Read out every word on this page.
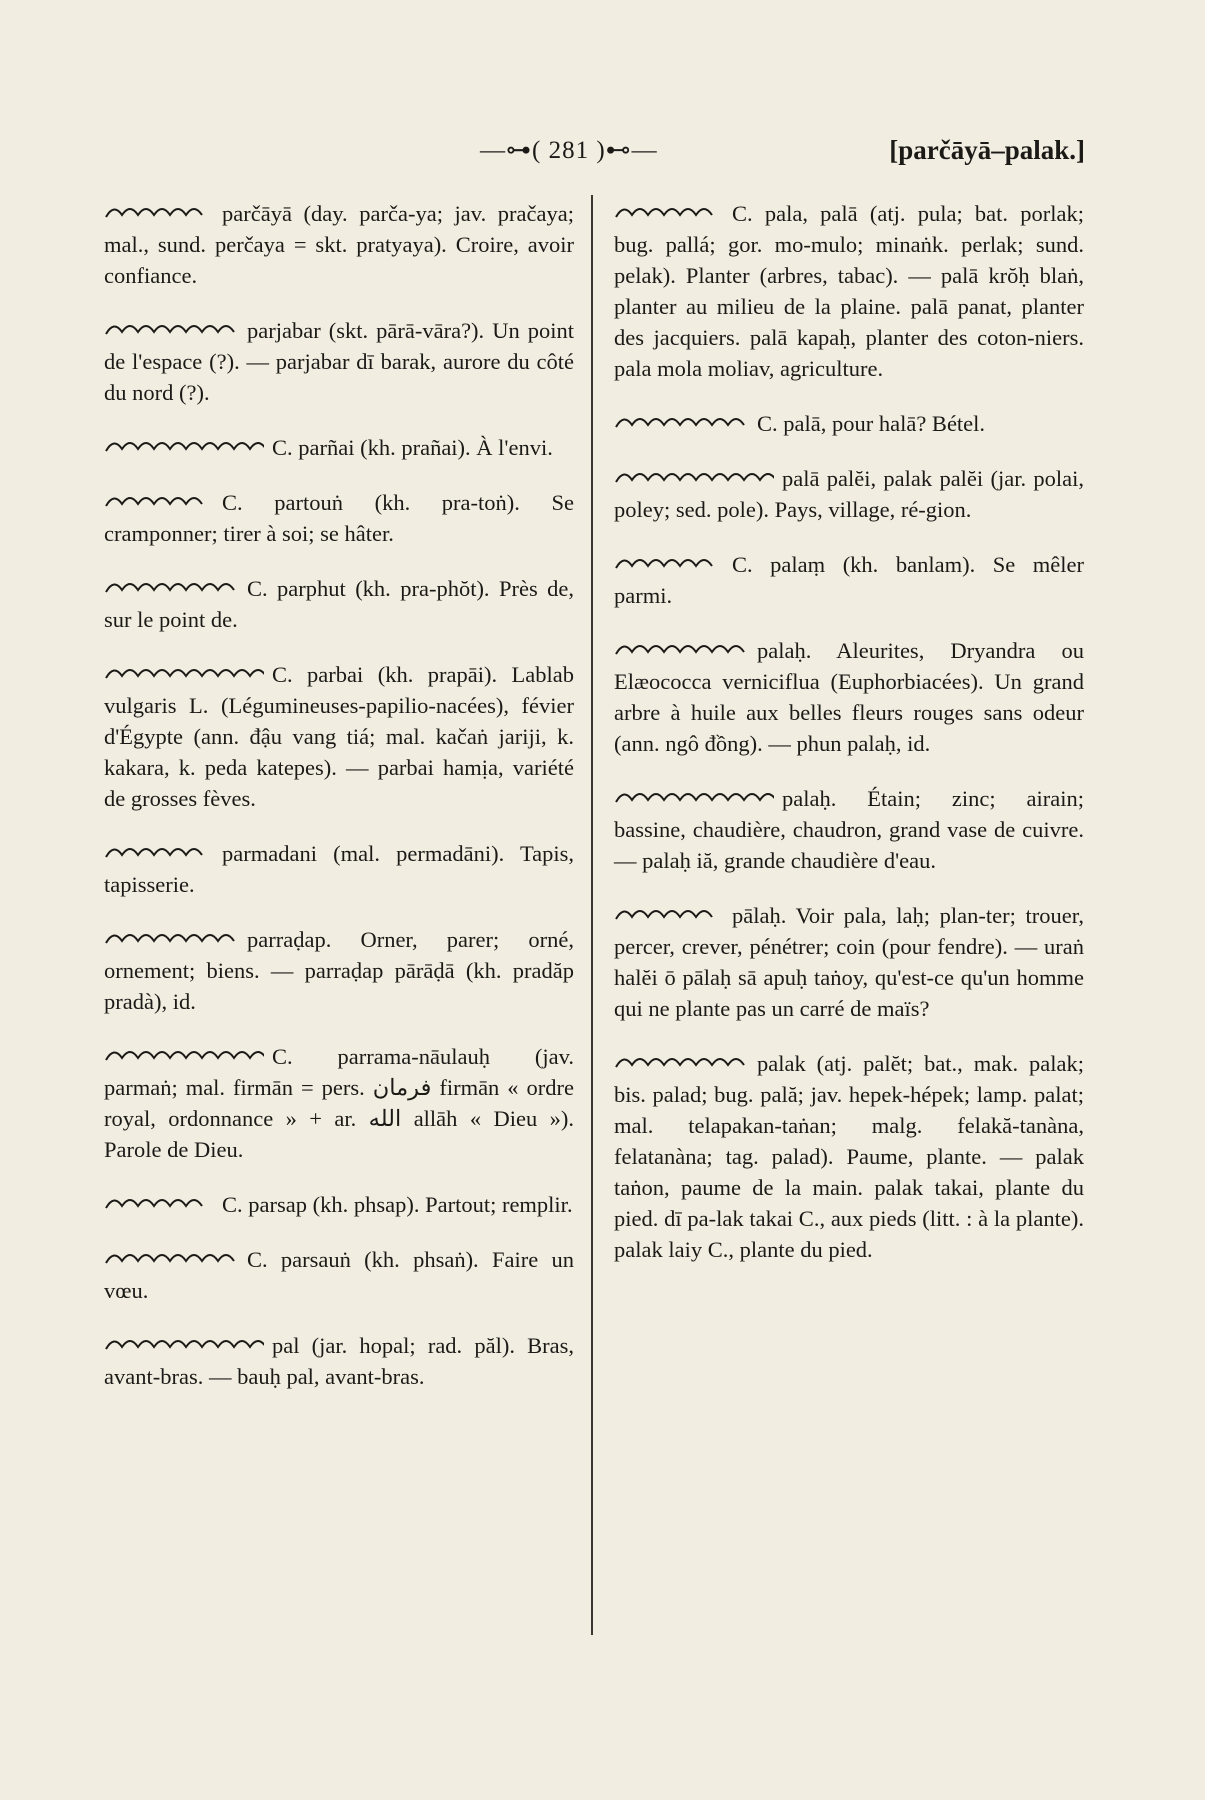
—⊶( 281 )⊷—	[parčāyā–palak.]
parčāyā (day. parča-ya; jav. pračaya; mal., sund. perčaya = skt. pratyaya). Croire, avoir confiance.
parjabar (skt. pārā-vāra?). Un point de l'espace (?). — parjabar dī barak, aurore du côté du nord (?).
C. parñai (kh. prañai). À l'envi.
C. partouṅ (kh. pra-toṅ). Se cramponner; tirer à soi; se hâter.
C. parphut (kh. pra-phŏt). Près de, sur le point de.
C. parbai (kh. prapāi). Lablab vulgaris L. (Légumineuses-papilio-nacées), févier d'Égypte (ann. đậu vang tiá; mal. kačaṅ jariji, k. kakara, k. peda katepes). — parbai hamịa, variété de grosses fèves.
parmadani (mal. permadāni). Tapis, tapisserie.
parraḍap. Orner, parer; orné, ornement; biens. — parraḍap pārāḍā (kh. pradăp pradà), id.
C. parrama-nāulauḥ (jav. parmaṅ; mal. firmān = pers. فرمان firmān « ordre royal, ordonnance » + ar. الله allāh « Dieu »). Parole de Dieu.
C. parsap (kh. phsap). Partout; remplir.
C. parsauṅ (kh. phsaṅ). Faire un vœu.
pal (jar. hopal; rad. păl). Bras, avant-bras. — bauḥ pal, avant-bras.
C. pala, palā (atj. pula; bat. porlak; bug. pallá; gor. mo-mulo; minaṅk. perlak; sund. pelak). Planter (arbres, tabac). — palā krŏḥ blaṅ, planter au milieu de la plaine. palā panat, planter des jacquiers. palā kapaḥ, planter des coton-niers. pala mola moliav, agriculture.
C. palā, pour halā? Bétel.
palā palĕi, palak palĕi (jar. polai, poley; sed. pole). Pays, village, ré-gion.
C. palaṃ (kh. banlam). Se mêler parmi.
palaḥ. Aleurites, Dryandra ou Elæococca verniciflua (Euphorbiacées). Un grand arbre à huile aux belles fleurs rouges sans odeur (ann. ngô đồng). — phun palaḥ, id.
palaḥ. Étain; zinc; airain; bassine, chaudière, chaudron, grand vase de cuivre. — palaḥ iă, grande chaudière d'eau.
pālaḥ. Voir pala, laḥ; plan-ter; trouer, percer, crever, pénétrer; coin (pour fendre). — uraṅ halĕi ō pālaḥ sā apuḥ taṅoy, qu'est-ce qu'un homme qui ne plante pas un carré de maïs?
palak (atj. palĕt; bat., mak. palak; bis. palad; bug. pală; jav. hepek-hépek; lamp. palat; mal. telapakan-taṅan; malg. felakă-tanàna, felatanàna; tag. palad). Paume, plante. — palak taṅon, paume de la main. palak takai, plante du pied. dī pa-lak takai C., aux pieds (litt. : à la plante). palak laiy C., plante du pied.
